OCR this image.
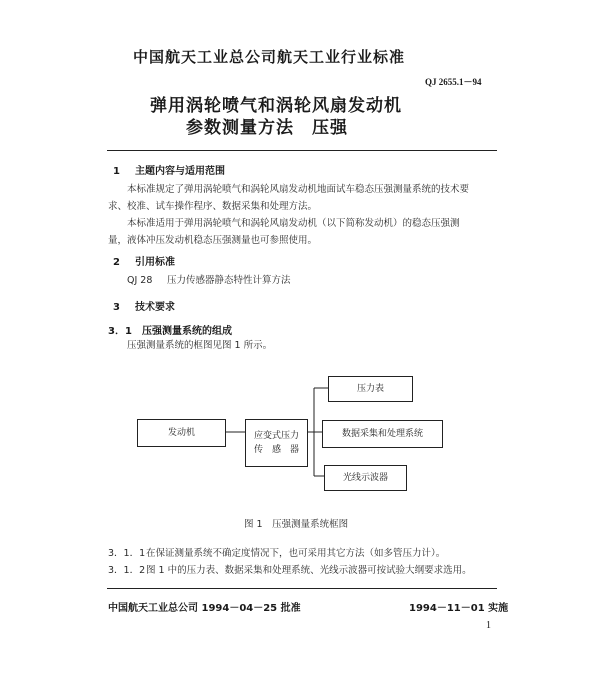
中国航天工业总公司航天工业行业标准
QJ 2655.1－94
弹用涡轮喷气和涡轮风扇发动机
参数测量方法　压强
1 主题内容与适用范围
本标准规定了弹用涡轮喷气和涡轮风扇发动机地面试车稳态压强测量系统的技术要
求、校准、试车操作程序、数据采集和处理方法。
本标准适用于弹用涡轮喷气和涡轮风扇发动机（以下简称发动机）的稳态压强测
量，液体冲压发动机稳态压强测量也可参照使用。
2 引用标准
QJ 28 压力传感器静态特性计算方法
3 技术要求
3．1 压强测量系统的组成
压强测量系统的框图见图 1 所示。
发动机	应变式压力
传　感　器
压力表
数据采集和处理系统
光线示波器
图 1　压强测量系统框图
3．1．1在保证测量系统不确定度情况下，也可采用其它方法（如多管压力计）。
3．1．2图 1 中的压力表、数据采集和处理系统、光线示波器可按试验大纲要求选用。
中国航天工业总公司 1994－04－25 批准	1994－11－01 实施
1
